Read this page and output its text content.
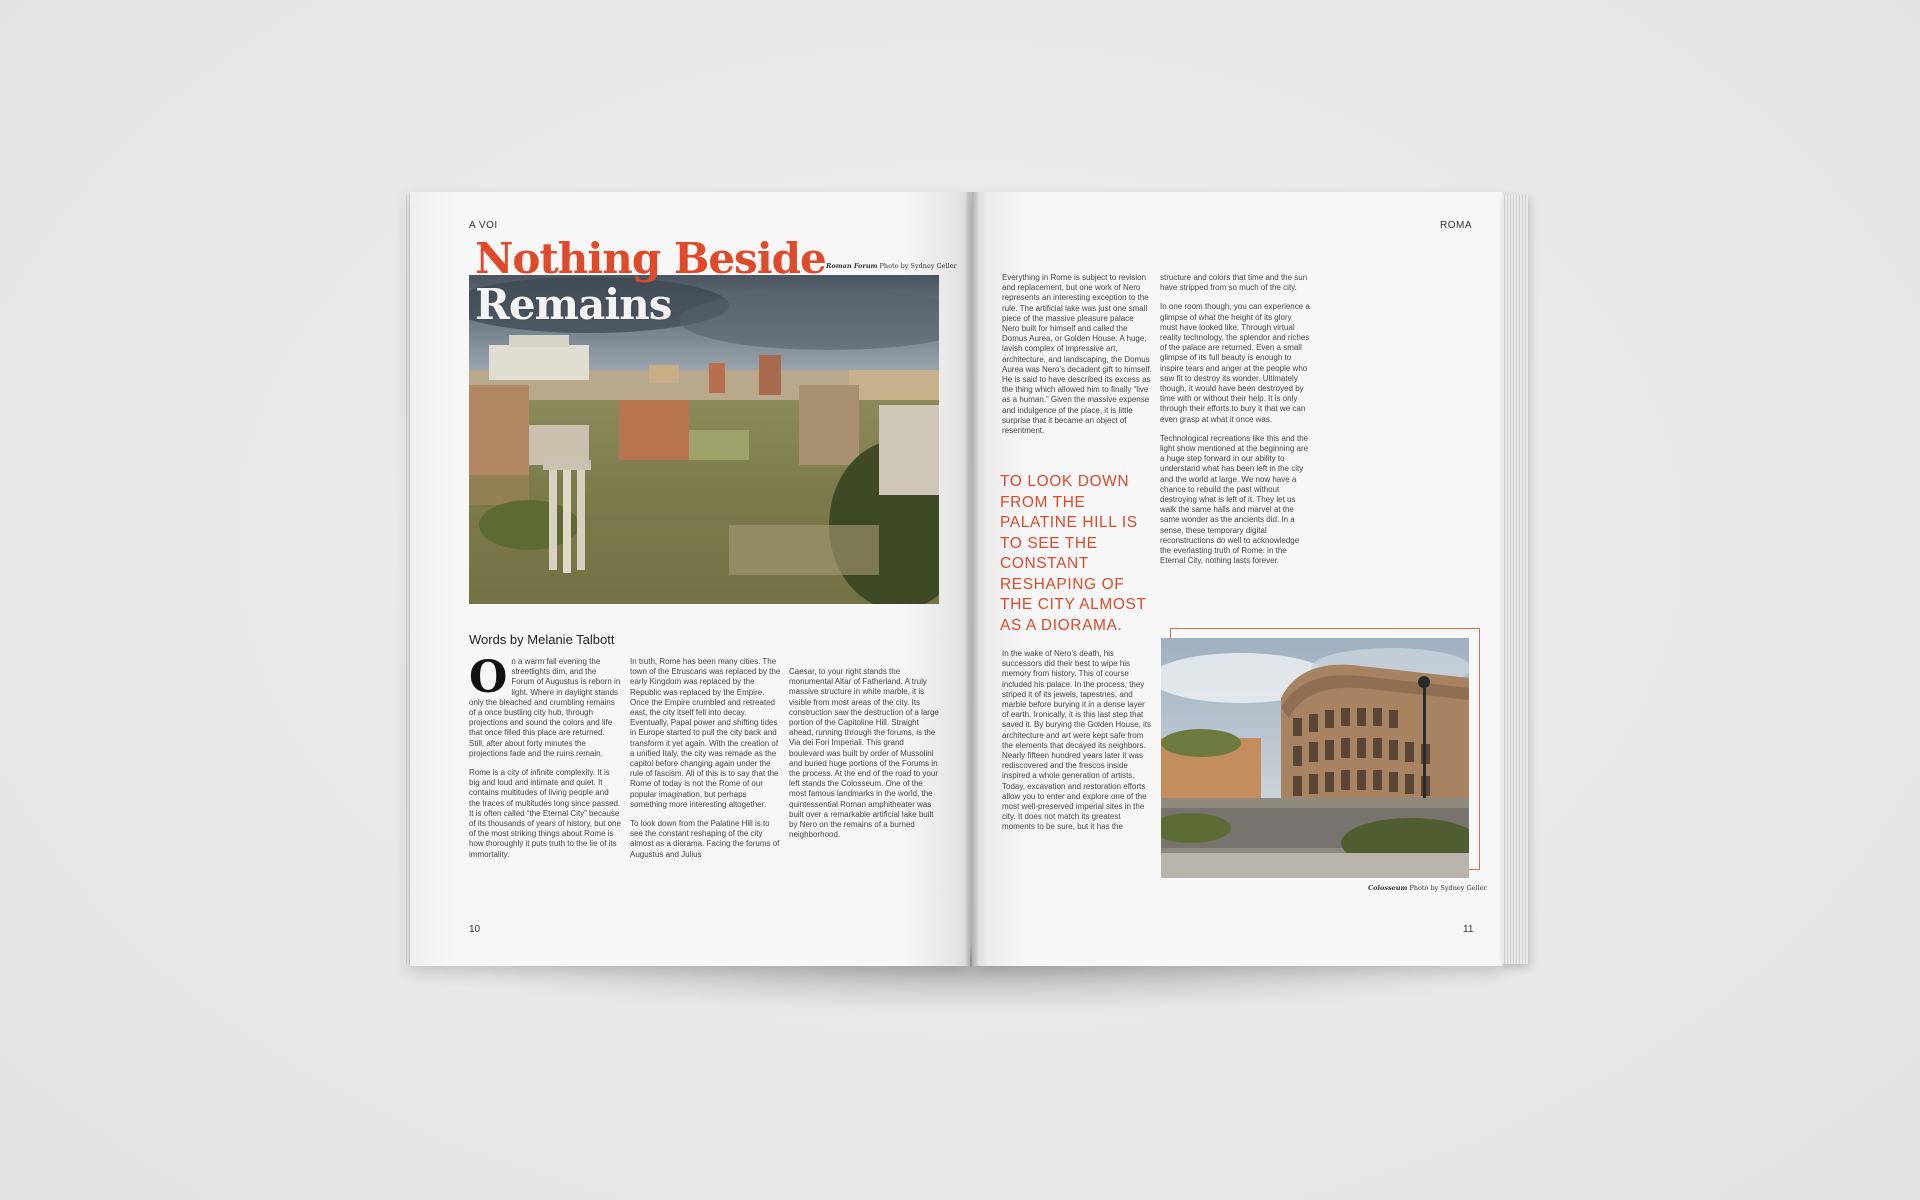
A VOI
Nothing Beside
Remains
Roman Forum Photo by Sydney Geller
Words by Melanie Talbott

On a warm fall evening the streetlights dim, and the Forum of Augustus is reborn in light. Where in daylight stands only the bleached and crumbling remains of a once bustling city hub, through projections and sound the colors and life that once filled this place are returned. Still, after about forty minutes the projections fade and the ruins remain.

Rome is a city of infinite complexity. It is big and loud and intimate and quiet. It contains multitudes of living people and the traces of multitudes long since passed. It is often called “the Eternal City” because of its thousands of years of history, but one of the most striking things about Rome is how thoroughly it puts truth to the lie of its immortality.

In truth, Rome has been many cities. The town of the Etruscans was replaced by the early Kingdom was replaced by the Republic was replaced by the Empire. Once the Empire crumbled and retreated east, the city itself fell into decay. Eventually, Papal power and shifting tides in Europe started to pull the city back and transform it yet again. With the creation of a unified Italy, the city was remade as the capitol before changing again under the rule of fascism. All of this is to say that the Rome of today is not the Rome of our popular imagination, but perhaps something more interesting altogether.

To look down from the Palatine Hill is to see the constant reshaping of the city almost as a diorama. Facing the forums of Augustus and Julius

Caesar, to your right stands the monumental Altar of Fatherland. A truly massive structure in white marble, it is visible from most areas of the city. Its construction saw the destruction of a large portion of the Capitoline Hill. Straight ahead, running through the forums, is the Via dei Fori Imperiali. This grand boulevard was built by order of Mussolini and buried huge portions of the Forums in the process. At the end of the road to your left stands the Colosseum. One of the most famous landmarks in the world, the quintessential Roman amphitheater was built over a remarkable artificial lake built by Nero on the remains of a burned neighborhood.

10
ROMA

Everything in Rome is subject to revision and replacement, but one work of Nero represents an interesting exception to the rule. The artificial lake was just one small piece of the massive pleasure palace Nero built for himself and called the Domus Aurea, or Golden House. A huge, lavish complex of impressive art, architecture, and landscaping, the Domus Aurea was Nero’s decadent gift to himself. He is said to have described its excess as the thing which allowed him to finally “live as a human.” Given the massive expense and indulgence of the place, it is little surprise that it became an object of resentment.

TO LOOK DOWN FROM THE PALATINE HILL IS TO SEE THE CONSTANT RESHAPING OF THE CITY ALMOST AS A DIORAMA.

In the wake of Nero’s death, his successors did their best to wipe his memory from history. This of course included his palace. In the process, they striped it of its jewels, tapestries, and marble before burying it in a dense layer of earth. Ironically, it is this last step that saved it. By burying the Golden House, its architecture and art were kept safe from the elements that decayed its neighbors. Nearly fifteen hundred years later it was rediscovered and the frescos inside inspired a whole generation of artists. Today, excavation and restoration efforts allow you to enter and explore one of the most well-preserved imperial sites in the city. It does not match its greatest moments to be sure, but it has the

structure and colors that time and the sun have stripped from so much of the city.

In one room though, you can experience a glimpse of what the height of its glory must have looked like. Through virtual reality technology, the splendor and riches of the palace are returned. Even a small glimpse of its full beauty is enough to inspire tears and anger at the people who saw fit to destroy its wonder. Ultimately though, it would have been destroyed by time with or without their help. It is only through their efforts to bury it that we can even grasp at what it once was.

Technological recreations like this and the light show mentioned at the beginning are a huge step forward in our ability to understand what has been left in the city and the world at large. We now have a chance to rebuild the past without destroying what is left of it. They let us walk the same halls and marvel at the same wonder as the ancients did. In a sense, these temporary digital reconstructions do well to acknowledge the everlasting truth of Rome: in the Eternal City, nothing lasts forever.

Colosseum Photo by Sydney Geller
11
